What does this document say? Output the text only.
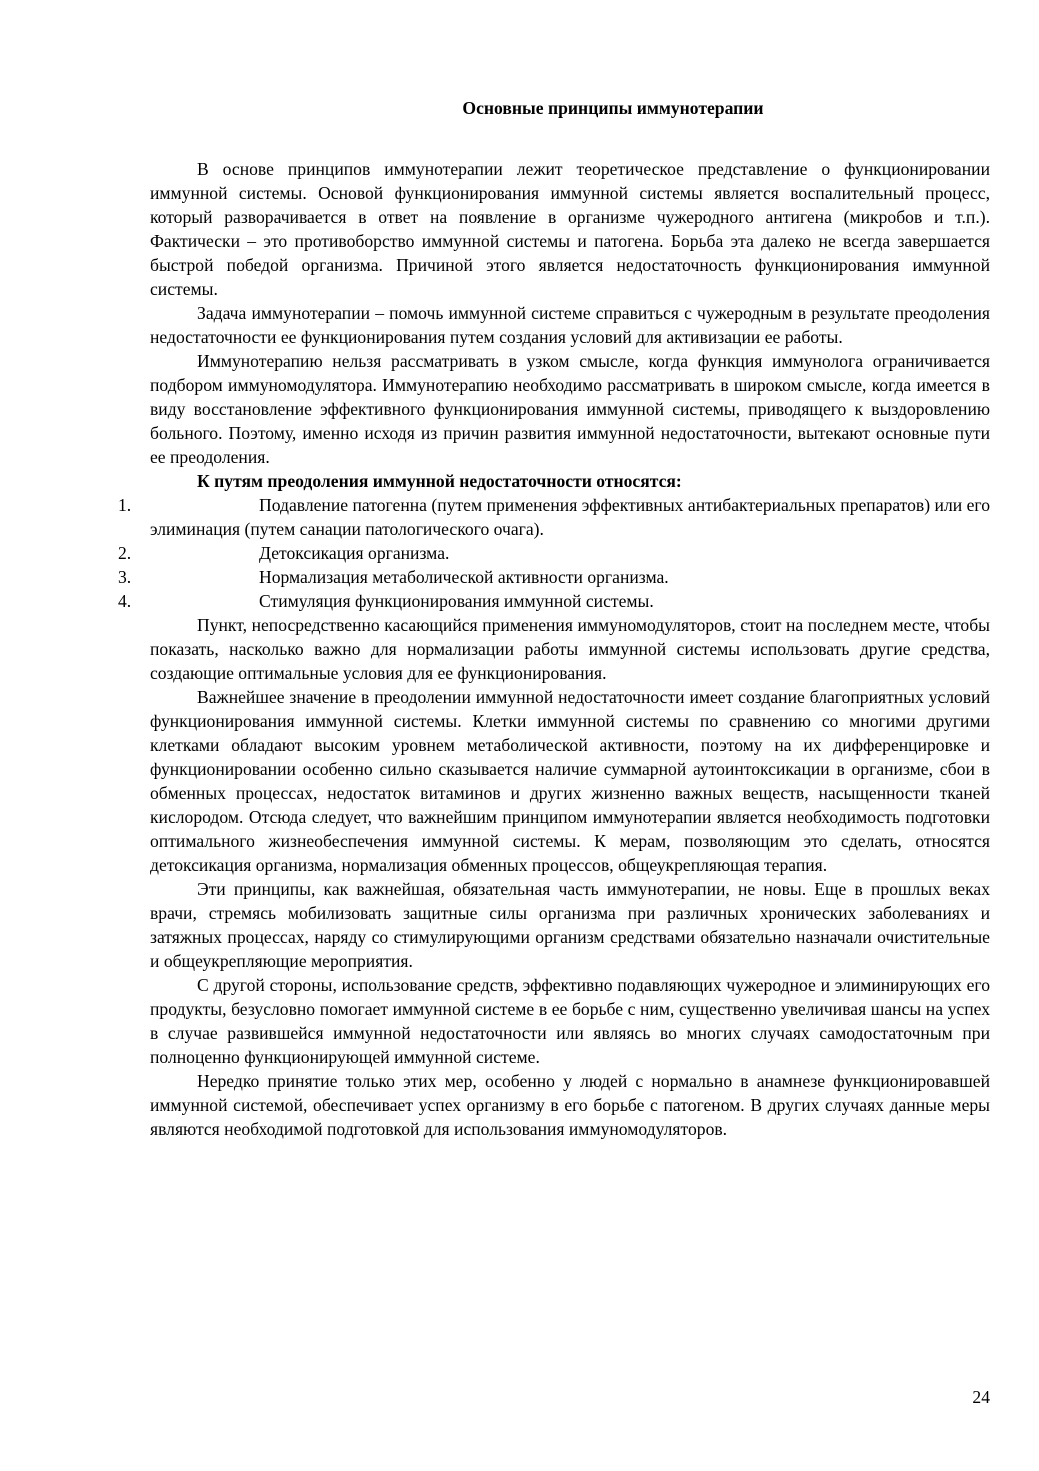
Основные принципы иммунотерапии

В основе принципов иммунотерапии лежит теоретическое представление о функционировании иммунной системы. Основой функционирования иммунной системы является воспалительный процесс, который разворачивается в ответ на появление в организме чужеродного антигена (микробов и т.п.). Фактически – это противоборство иммунной системы и патогена. Борьба эта далеко не всегда завершается быстрой победой организма. Причиной этого является недостаточность функционирования иммунной системы.

Задача иммунотерапии – помочь иммунной системе справиться с чужеродным в результате преодоления недостаточности ее функционирования путем создания условий для активизации ее работы.

Иммунотерапию нельзя рассматривать в узком смысле, когда функция иммунолога ограничивается подбором иммуномодулятора. Иммунотерапию необходимо рассматривать в широком смысле, когда имеется в виду восстановление эффективного функционирования иммунной системы, приводящего к выздоровлению больного. Поэтому, именно исходя из причин развития иммунной недостаточности, вытекают основные пути ее преодоления.

К путям преодоления иммунной недостаточности относятся:

1.	Подавление патогенна (путем применения эффективных антибактериальных препаратов) или его элиминация (путем санации патологического очага).
2.	Детоксикация организма.
3.	Нормализация метаболической активности организма.
4.	Стимуляция функционирования иммунной системы.

Пункт, непосредственно касающийся применения иммуномодуляторов, стоит на последнем месте, чтобы показать, насколько важно для нормализации работы иммунной системы использовать другие средства, создающие оптимальные условия для ее функционирования.

Важнейшее значение в преодолении иммунной недостаточности имеет создание благоприятных условий функционирования иммунной системы. Клетки иммунной системы по сравнению со многими другими клетками обладают высоким уровнем метаболической активности, поэтому на их дифференцировке и функционировании особенно сильно сказывается наличие суммарной аутоинтоксикации в организме, сбои в обменных процессах, недостаток витаминов и других жизненно важных веществ, насыщенности тканей кислородом. Отсюда следует, что важнейшим принципом иммунотерапии является необходимость подготовки оптимального жизнеобеспечения иммунной системы. К мерам, позволяющим это сделать, относятся детоксикация организма, нормализация обменных процессов, общеукрепляющая терапия.

Эти принципы, как важнейшая, обязательная часть иммунотерапии, не новы. Еще в прошлых веках врачи, стремясь мобилизовать защитные силы организма при различных хронических заболеваниях и затяжных процессах, наряду со стимулирующими организм средствами обязательно назначали очистительные и общеукрепляющие мероприятия.

С другой стороны, использование средств, эффективно подавляющих чужеродное и элиминирующих его продукты, безусловно помогает иммунной системе в ее борьбе с ним, существенно увеличивая шансы на успех в случае развившейся иммунной недостаточности или являясь во многих случаях самодостаточным при полноценно функционирующей иммунной системе.

Нередко принятие только этих мер, особенно у людей с нормально в анамнезе функционировавшей иммунной системой, обеспечивает успех организму в его борьбе с патогеном. В других случаях данные меры являются необходимой подготовкой для использования иммуномодуляторов.

24
